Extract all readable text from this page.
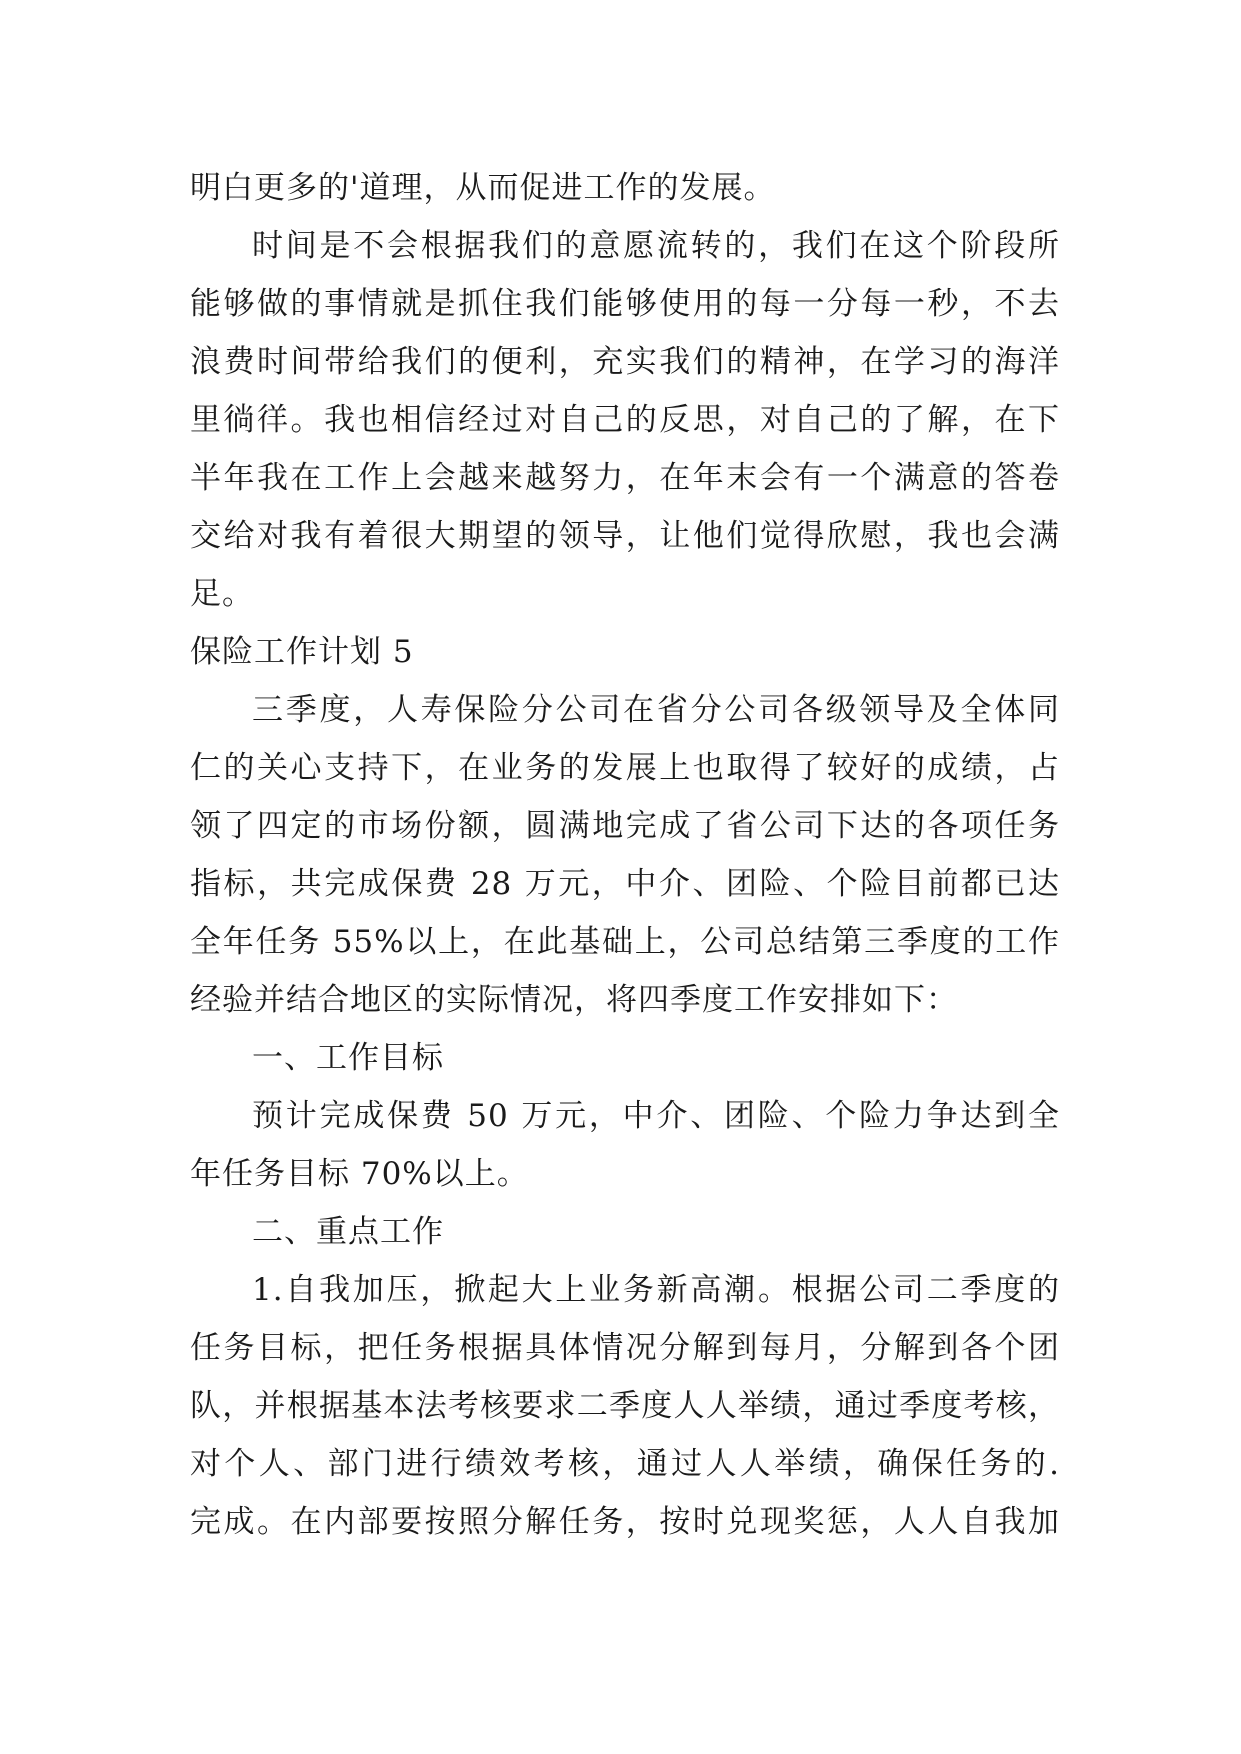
明白更多的'道理，从而促进工作的发展。
时间是不会根据我们的意愿流转的，我们在这个阶段所
能够做的事情就是抓住我们能够使用的每一分每一秒，不去
浪费时间带给我们的便利，充实我们的精神，在学习的海洋
里徜徉。我也相信经过对自己的反思，对自己的了解，在下
半年我在工作上会越来越努力，在年末会有一个满意的答卷
交给对我有着很大期望的领导，让他们觉得欣慰，我也会满
足。
保险工作计划 5
三季度，人寿保险分公司在省分公司各级领导及全体同
仁的关心支持下，在业务的发展上也取得了较好的成绩，占
领了四定的市场份额，圆满地完成了省公司下达的各项任务
指标，共完成保费 28 万元，中介、团险、个险目前都已达
全年任务 55%以上，在此基础上，公司总结第三季度的工作
经验并结合地区的实际情况，将四季度工作安排如下：
一、工作目标
预计完成保费 50 万元，中介、团险、个险力争达到全
年任务目标 70%以上。
二、重点工作
1.自我加压，掀起大上业务新高潮。根据公司二季度的
任务目标，把任务根据具体情况分解到每月，分解到各个团
队，并根据基本法考核要求二季度人人举绩，通过季度考核，
对个人、部门进行绩效考核，通过人人举绩，确保任务的.
完成。在内部要按照分解任务，按时兑现奖惩，人人自我加
